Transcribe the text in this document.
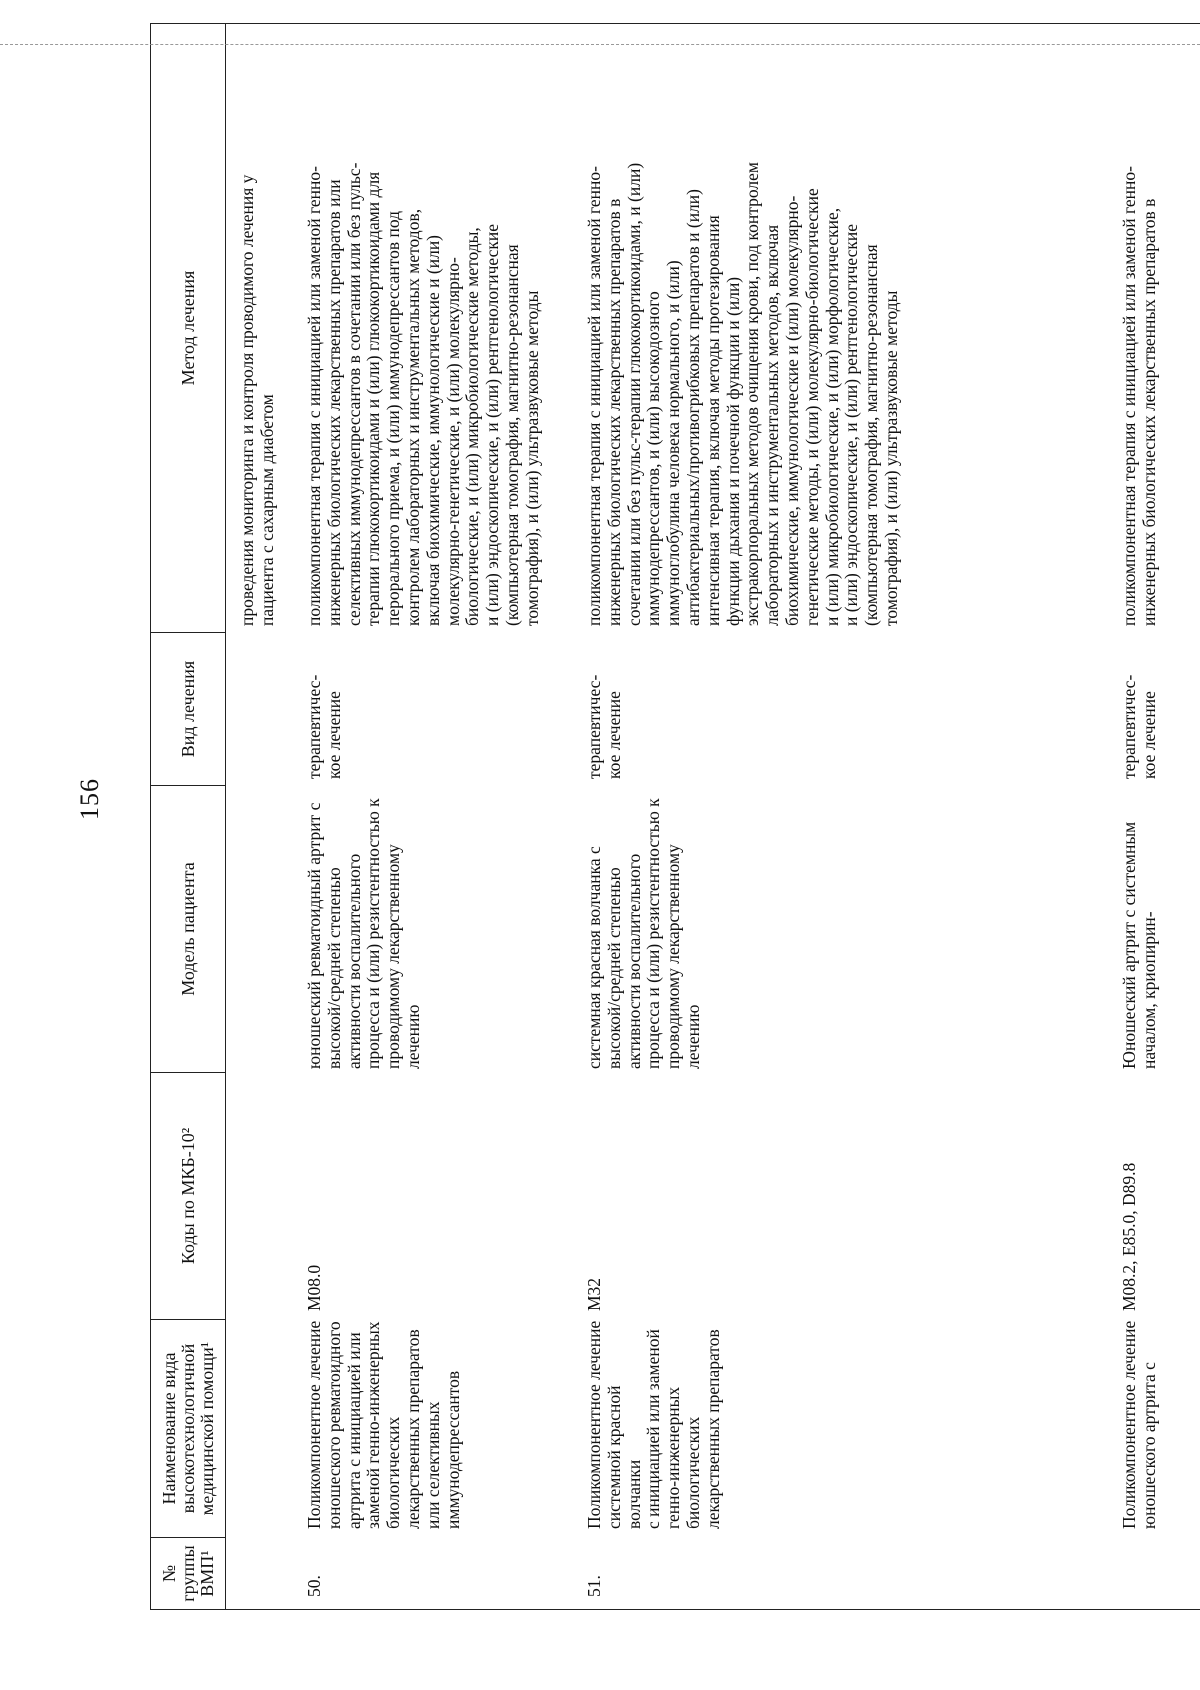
156
№
группы
ВМП¹
Наименование вида
высокотехнологичной
медицинской помощи¹
Коды по МКБ-10²
Модель пациента
Вид лечения
Метод лечения
проведения мониторинга и контроля проводимого лечения у
пациента с сахарным диабетом
50.
Поликомпонентное лечение
юношеского ревматоидного
артрита с инициацией или
заменой генно-инженерных
биологических
лекарственных препаратов
или селективных
иммунодепрессантов
М08.0
юношеский ревматоидный артрит с
высокой/средней степенью
активности воспалительного
процесса и (или) резистентностью к
проводимому лекарственному
лечению
терапевтичес-
кое лечение
поликомпонентная терапия с инициацией или заменой генно-
инженерных биологических лекарственных препаратов или
селективных иммунодепрессантов в сочетании или без пульс-
терапии глюкокортикоидами и (или) глюкокортикоидами для
перорального приема, и (или) иммунодепрессантов под
контролем лабораторных и инструментальных методов,
включая биохимические, иммунологические и (или)
молекулярно-генетические, и (или) молекулярно-
биологические, и (или) микробиологические методы,
и (или) эндоскопические, и (или) рентгенологические
(компьютерная томография, магнитно-резонансная
томография), и (или) ультразвуковые методы
51.
Поликомпонентное лечение
системной красной волчанки
с инициацией или заменой
генно-инженерных
биологических
лекарственных препаратов
М32
системная красная волчанка с
высокой/средней степенью
активности воспалительного
процесса и (или) резистентностью к
проводимому лекарственному
лечению
терапевтичес-
кое лечение
поликомпонентная терапия с инициацией или заменой генно-
инженерных биологических лекарственных препаратов в
сочетании или без пульс-терапии глюкокортикоидами, и (или)
иммунодепрессантов, и (или) высокодозного
иммуноглобулина человека нормального, и (или)
антибактериальных/противогрибковых препаратов и (или)
интенсивная терапия, включая методы протезирования
функции дыхания и почечной функции и (или)
экстракорпоральных методов очищения крови, под контролем
лабораторных и инструментальных методов, включая
биохимические, иммунологические и (или) молекулярно-
генетические методы, и (или) молекулярно-биологические
и (или) микробиологические, и (или) морфологические,
и (или) эндоскопические, и (или) рентгенологические
(компьютерная томография, магнитно-резонансная
томография), и (или) ультразвуковые методы
Поликомпонентное лечение
юношеского артрита с
М08.2, Е85.0, D89.8
Юношеский артрит с системным
началом, криопирин-
терапевтичес-
кое лечение
поликомпонентная терапия с инициацией или заменой генно-
инженерных биологических лекарственных препаратов в
